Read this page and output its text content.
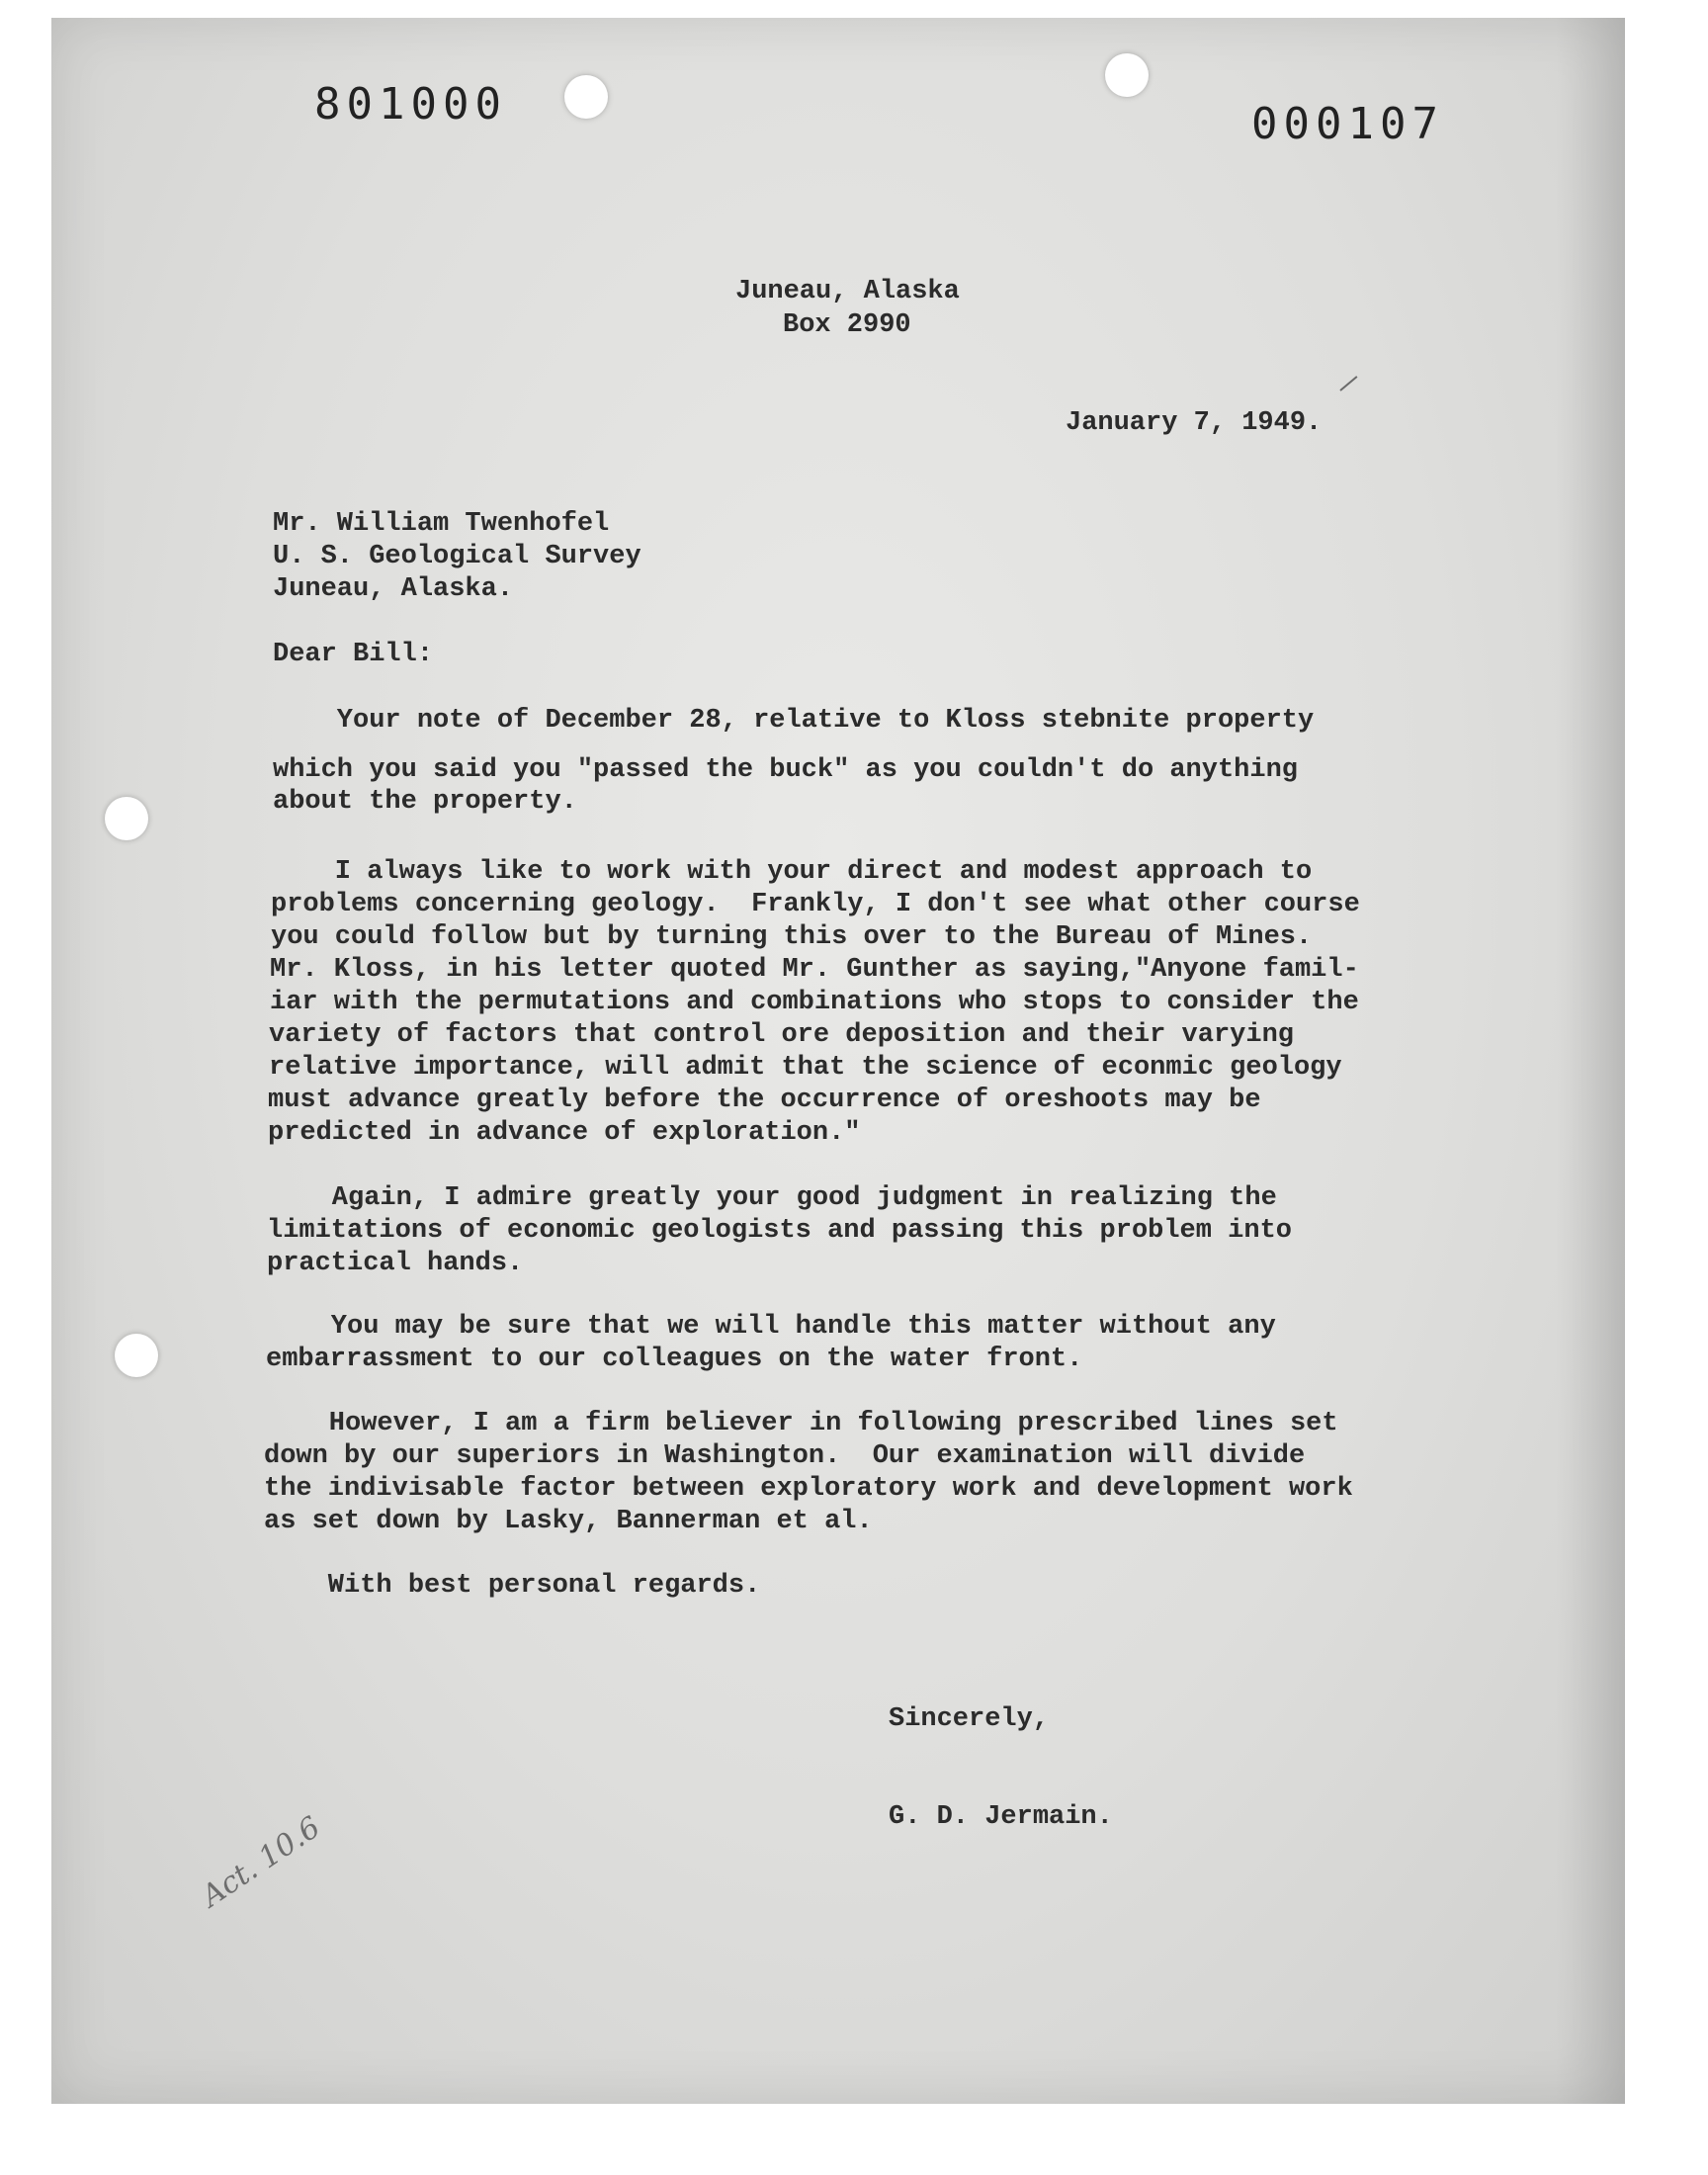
801000	000107

Juneau, Alaska

Box 2990

January 7, 1949.

Mr. William Twenhofel

U. S. Geological Survey

Juneau, Alaska.

Dear Bill:

Your note of December 28, relative to Kloss stebnite property

which you said you "passed the buck" as you couldn't do anything

about the property.

I always like to work with your direct and modest approach to

problems concerning geology.  Frankly, I don't see what other course

you could follow but by turning this over to the Bureau of Mines.

Mr. Kloss, in his letter quoted Mr. Gunther as saying,"Anyone famil-

iar with the permutations and combinations who stops to consider the

variety of factors that control ore deposition and their varying

relative importance, will admit that the science of econmic geology

must advance greatly before the occurrence of oreshoots may be

predicted in advance of exploration."

Again, I admire greatly your good judgment in realizing the

limitations of economic geologists and passing this problem into

practical hands.

You may be sure that we will handle this matter without any

embarrassment to our colleagues on the water front.

However, I am a firm believer in following prescribed lines set

down by our superiors in Washington.  Our examination will divide

the indivisable factor between exploratory work and development work

as set down by Lasky, Bannerman et al.

With best personal regards.

Sincerely,

G. D. Jermain.

Act. 10.6
